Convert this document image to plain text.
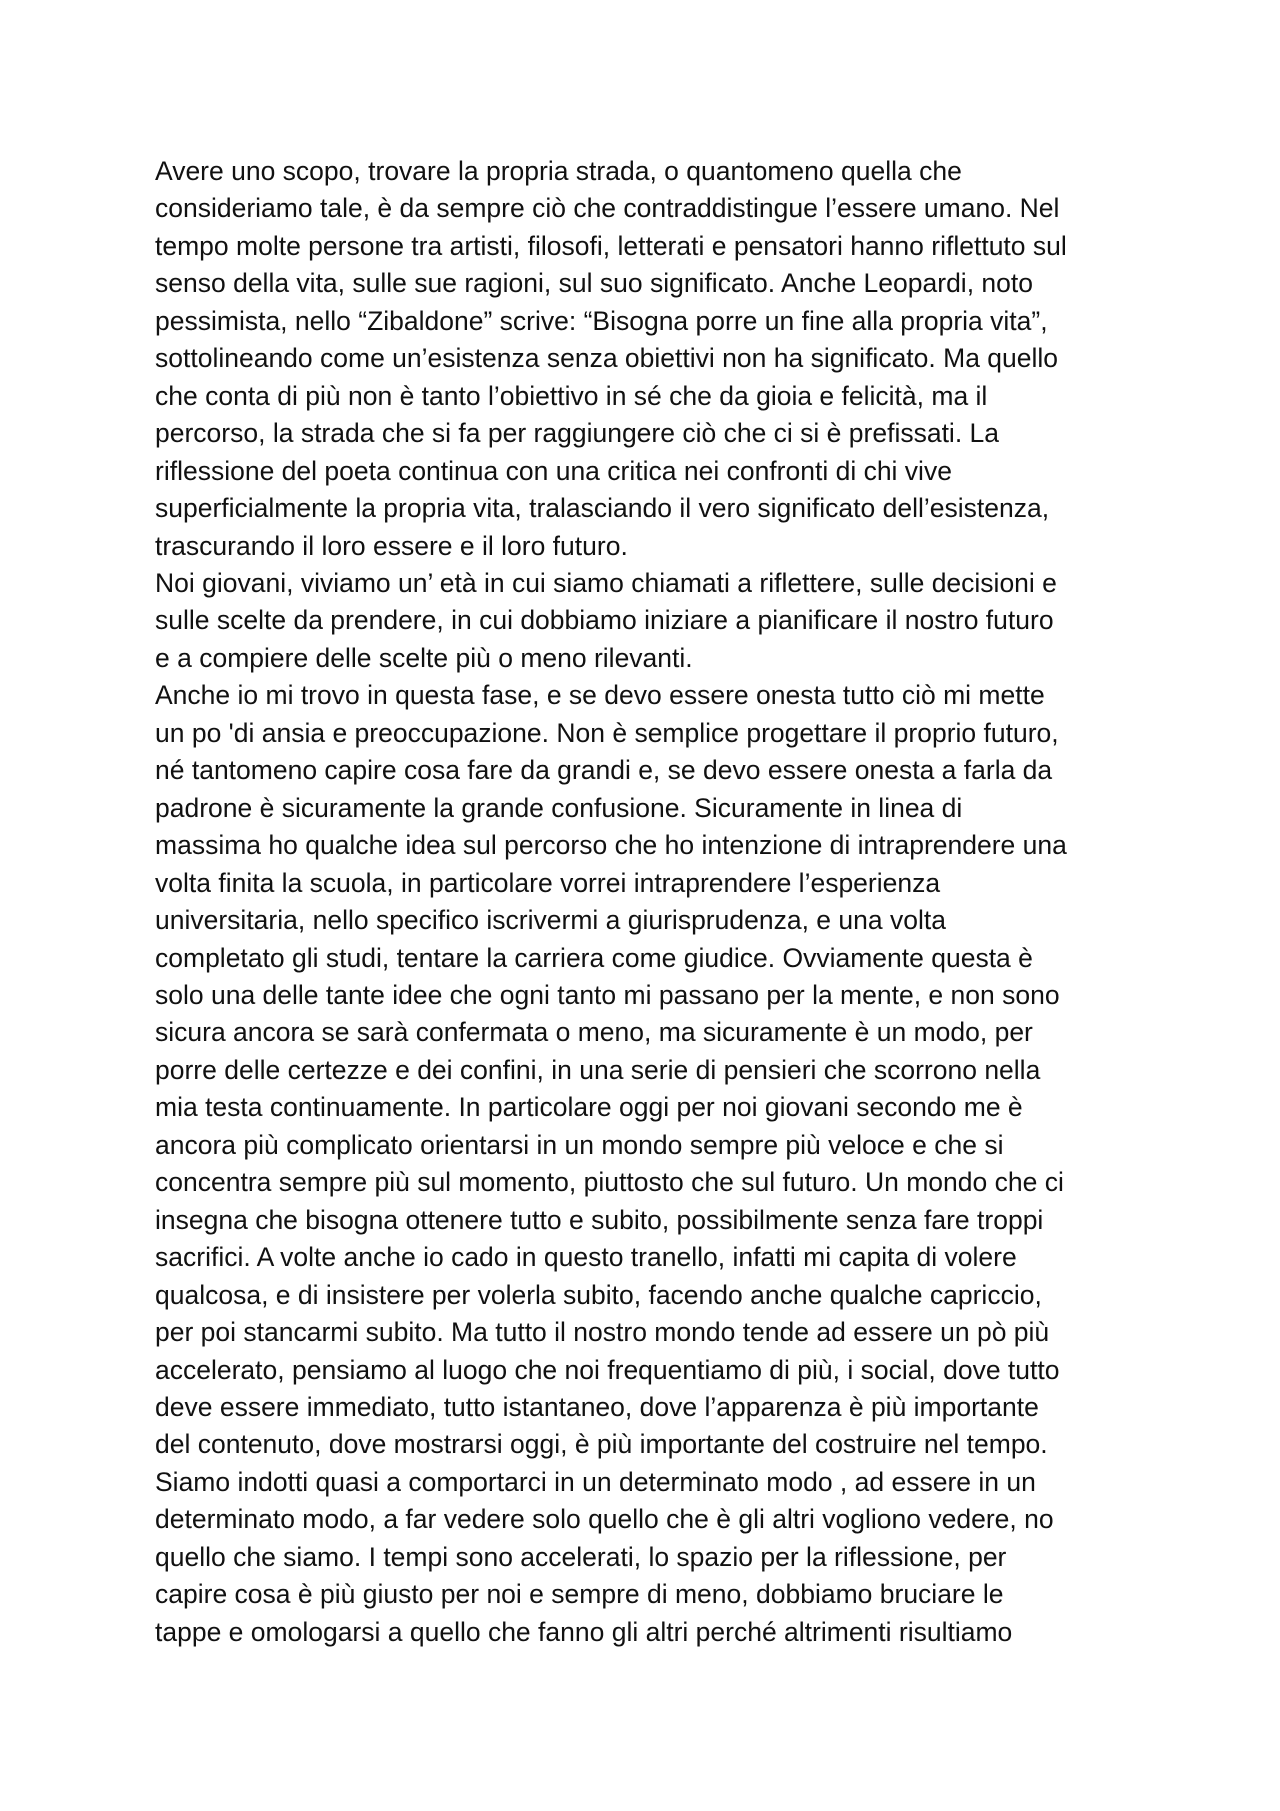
Avere uno scopo, trovare la propria strada, o quantomeno quella che
consideriamo tale, è da sempre ciò che contraddistingue l’essere umano. Nel
tempo molte persone tra artisti, filosofi, letterati e pensatori hanno riflettuto sul
senso della vita, sulle sue ragioni, sul suo significato. Anche Leopardi, noto
pessimista, nello “Zibaldone” scrive: “Bisogna porre un fine alla propria vita”,
sottolineando come un’esistenza senza obiettivi non ha significato. Ma quello
che conta di più non è tanto l’obiettivo in sé che da gioia e felicità, ma il
percorso, la strada che si fa per raggiungere ciò che ci si è prefissati. La
riflessione del poeta continua con una critica nei confronti di chi vive
superficialmente la propria vita, tralasciando il vero significato dell’esistenza,
trascurando il loro essere e il loro futuro.
Noi giovani, viviamo un’ età in cui siamo chiamati a riflettere, sulle decisioni e
sulle scelte da prendere, in cui dobbiamo iniziare a pianificare il nostro futuro
e a compiere delle scelte più o meno rilevanti.
Anche io mi trovo in questa fase, e se devo essere onesta tutto ciò mi mette
un po 'di ansia e preoccupazione. Non è semplice progettare il proprio futuro,
né tantomeno capire cosa fare da grandi e, se devo essere onesta a farla da
padrone è sicuramente la grande confusione. Sicuramente in linea di
massima ho qualche idea sul percorso che ho intenzione di intraprendere una
volta finita la scuola, in particolare vorrei intraprendere l’esperienza
universitaria, nello specifico iscrivermi a giurisprudenza, e una volta
completato gli studi, tentare la carriera come giudice. Ovviamente questa è
solo una delle tante idee che ogni tanto mi passano per la mente, e non sono
sicura ancora se sarà confermata o meno, ma sicuramente è un modo, per
porre delle certezze e dei confini, in una serie di pensieri che scorrono nella
mia testa continuamente. In particolare oggi per noi giovani secondo me è
ancora più complicato orientarsi in un mondo sempre più veloce e che si
concentra sempre più sul momento, piuttosto che sul futuro. Un mondo che ci
insegna che bisogna ottenere tutto e subito, possibilmente senza fare troppi
sacrifici. A volte anche io cado in questo tranello, infatti mi capita di volere
qualcosa, e di insistere per volerla subito, facendo anche qualche capriccio,
per poi stancarmi subito. Ma tutto il nostro mondo tende ad essere un pò più
accelerato, pensiamo al luogo che noi frequentiamo di più, i social, dove tutto
deve essere immediato, tutto istantaneo, dove l’apparenza è più importante
del contenuto, dove mostrarsi oggi, è più importante del costruire nel tempo.
Siamo indotti quasi a comportarci in un determinato modo , ad essere in un
determinato modo, a far vedere solo quello che è gli altri vogliono vedere, no
quello che siamo. I tempi sono accelerati, lo spazio per la riflessione, per
capire cosa è più giusto per noi e sempre di meno, dobbiamo bruciare le
tappe e omologarsi a quello che fanno gli altri perché altrimenti risultiamo
